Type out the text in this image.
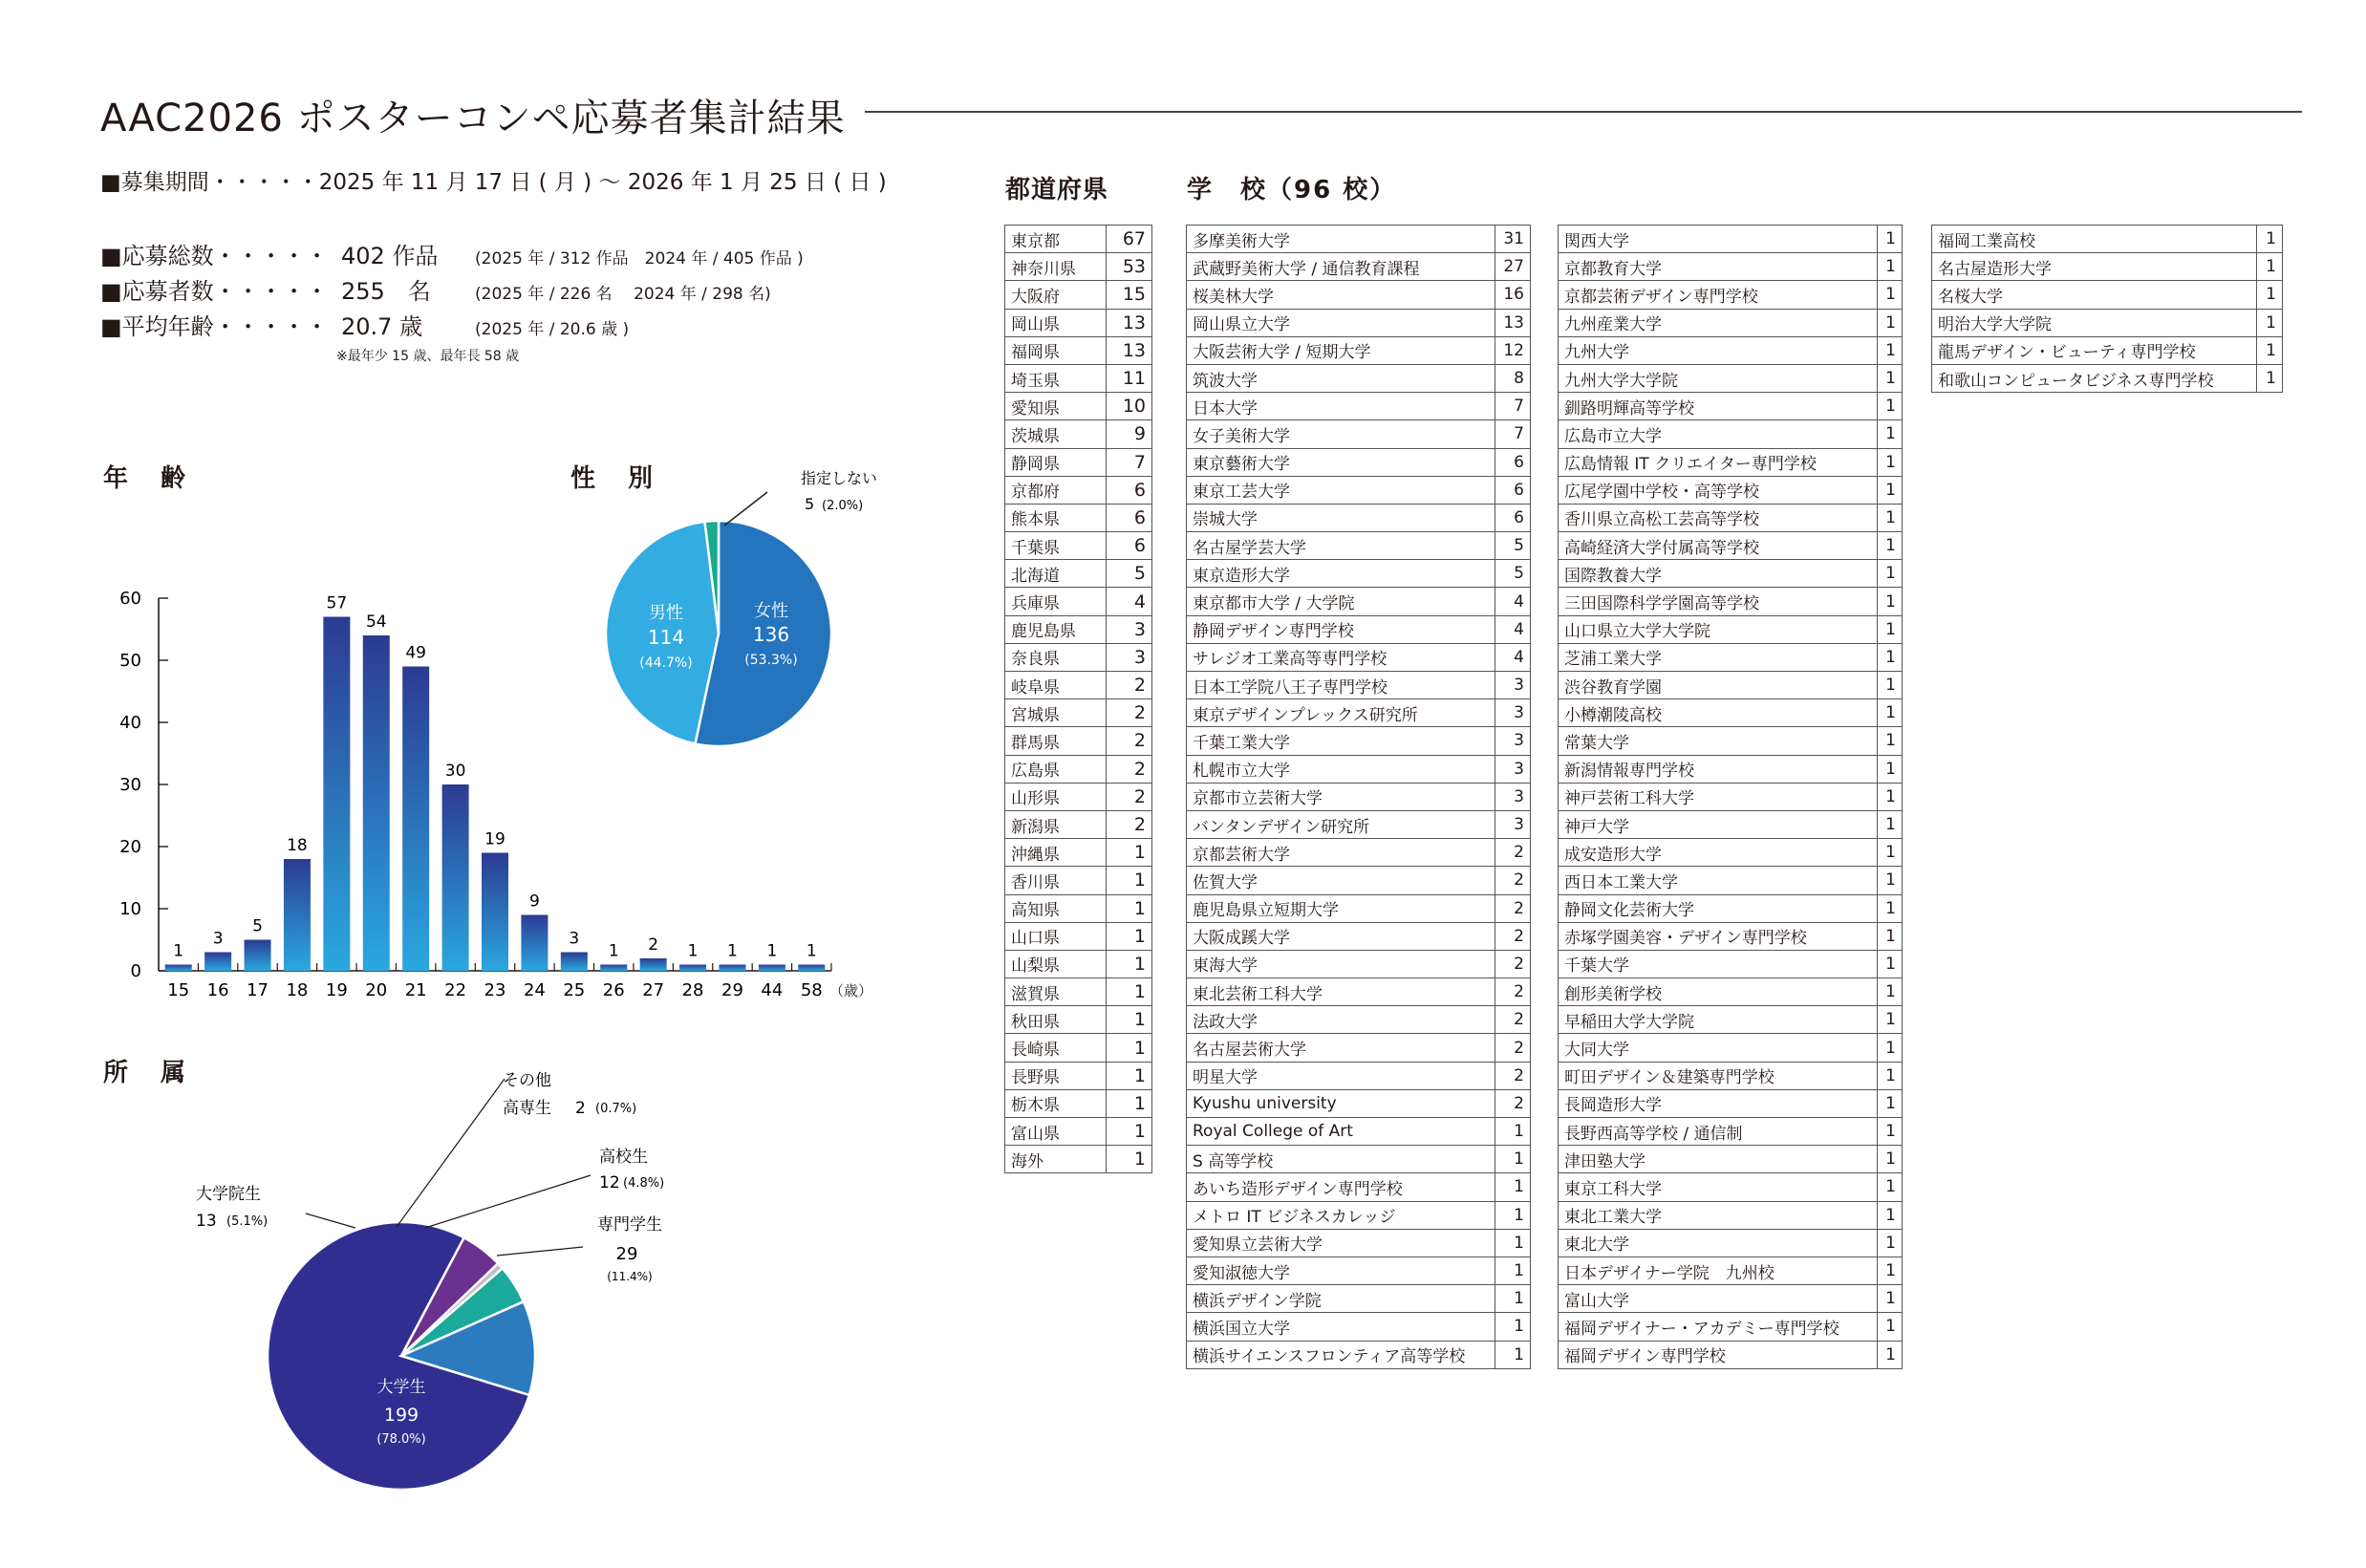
AAC2026 ポスターコンペ応募者集計結果
■募集期間・・・・・2025 年 11 月 17 日 ( 月 ) ～ 2026 年 1 月 25 日 ( 日 )
■応募総数・・・・・ 402 作品 (2025 年 / 312 作品　2024 年 / 405 作品 )
■応募者数・・・・・ 255　名	(2025 年 / 226 名　 2024 年 / 298 名)
■平均年齢・・・・・ 20.7 歳	(2025 年 / 20.6 歳 )
※最年少 15 歳、最年長 58 歳
年　齢	性　別
所　属
都道府県	学　校（96 校）
0
10
20
30
40
50
60
1
15
3
16
5
17
18
18
57
19
54
20
49
21
30
22
19
23
9
24
3
25
1
26
2
27
1
28
1
29
1
44
1
58 （歳）
指定しない
5 (2.0%)
女性
136
(53.3%)
男性
114
(44.7%)
その他
高専生 2 (0.7%)
高校生
12 (4.8%)
専門学生
29
(11.4%)
大学院生
13 (5.1%)
大学生
199
(78.0%)
東京都	67
神奈川県	53
大阪府	15
岡山県	13
福岡県	13
埼玉県	11
愛知県	10
茨城県	9
静岡県	7
京都府	6
熊本県	6
千葉県	6
北海道	5
兵庫県	4
鹿児島県	3
奈良県	3
岐阜県	2
宮城県	2
群馬県	2
広島県	2
山形県	2
新潟県	2
沖縄県	1
香川県	1
高知県	1
山口県	1
山梨県	1
滋賀県	1
秋田県	1
長崎県	1
長野県	1
栃木県	1
富山県	1
海外	1
多摩美術大学	31
武蔵野美術大学 / 通信教育課程	27
桜美林大学	16
岡山県立大学	13
大阪芸術大学 / 短期大学	12
筑波大学	8
日本大学	7
女子美術大学	7
東京藝術大学	6
東京工芸大学	6
崇城大学	6
名古屋学芸大学	5
東京造形大学	5
東京都市大学 / 大学院	4
静岡デザイン専門学校	4
サレジオ工業高等専門学校	4
日本工学院八王子専門学校	3
東京デザインプレックス研究所	3
千葉工業大学	3
札幌市立大学	3
京都市立芸術大学	3
バンタンデザイン研究所	3
京都芸術大学	2
佐賀大学	2
鹿児島県立短期大学	2
大阪成蹊大学	2
東海大学	2
東北芸術工科大学	2
法政大学	2
名古屋芸術大学	2
明星大学	2
Kyushu university	2
Royal College of Art	1
S 高等学校	1
あいち造形デザイン専門学校	1
メトロ IT ビジネスカレッジ	1
愛知県立芸術大学	1
愛知淑徳大学	1
横浜デザイン学院	1
横浜国立大学	1
横浜サイエンスフロンティア高等学校	1
関西大学	1
京都教育大学	1
京都芸術デザイン専門学校	1
九州産業大学	1
九州大学	1
九州大学大学院	1
釧路明輝高等学校	1
広島市立大学	1
広島情報 IT クリエイター専門学校	1
広尾学園中学校・高等学校	1
香川県立高松工芸高等学校	1
高崎経済大学付属高等学校	1
国際教養大学	1
三田国際科学学園高等学校	1
山口県立大学大学院	1
芝浦工業大学	1
渋谷教育学園	1
小樽潮陵高校	1
常葉大学	1
新潟情報専門学校	1
神戸芸術工科大学	1
神戸大学	1
成安造形大学	1
西日本工業大学	1
静岡文化芸術大学	1
赤塚学園美容・デザイン専門学校	1
千葉大学	1
創形美術学校	1
早稲田大学大学院	1
大同大学	1
町田デザイン＆建築専門学校	1
長岡造形大学	1
長野西高等学校 / 通信制	1
津田塾大学	1
東京工科大学	1
東北工業大学	1
東北大学	1
日本デザイナー学院　九州校	1
富山大学	1
福岡デザイナー・アカデミー専門学校	1
福岡デザイン専門学校	1
福岡工業高校	1
名古屋造形大学	1
名桜大学	1
明治大学大学院	1
龍馬デザイン・ビューティ専門学校	1
和歌山コンピュータビジネス専門学校	1
